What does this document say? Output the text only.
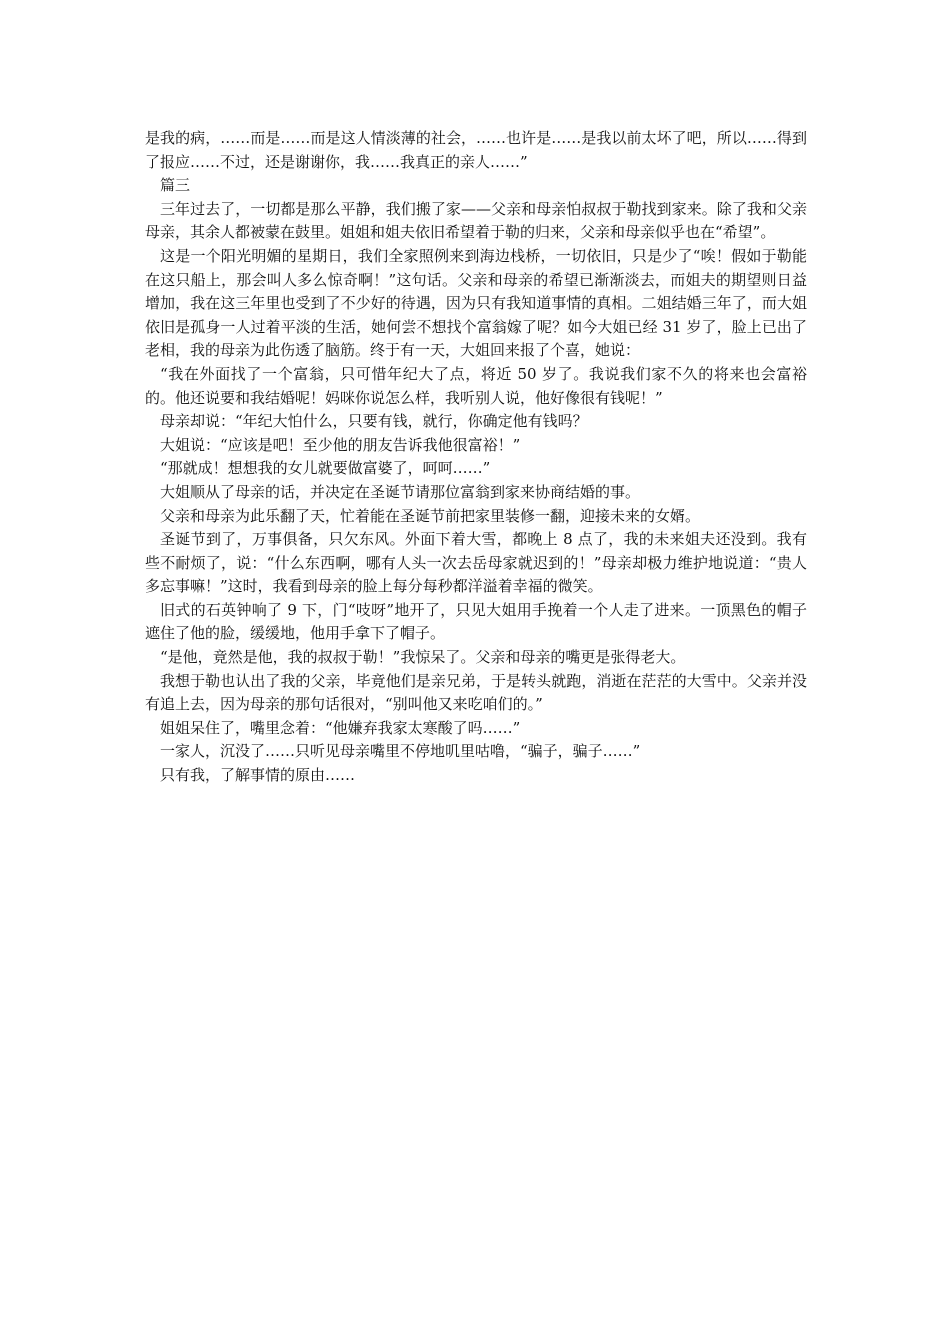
是我的病，……而是……而是这人情淡薄的社会，……也许是……是我以前太坏了吧，所以……得到了报应……不过，还是谢谢你，我……我真正的亲人……”

篇三

三年过去了，一切都是那么平静，我们搬了家——父亲和母亲怕叔叔于勒找到家来。除了我和父亲母亲，其余人都被蒙在鼓里。姐姐和姐夫依旧希望着于勒的归来，父亲和母亲似乎也在“希望”。

这是一个阳光明媚的星期日，我们全家照例来到海边栈桥，一切依旧，只是少了“唉！假如于勒能在这只船上，那会叫人多么惊奇啊！”这句话。父亲和母亲的希望已渐渐淡去，而姐夫的期望则日益增加，我在这三年里也受到了不少好的待遇，因为只有我知道事情的真相。二姐结婚三年了，而大姐依旧是孤身一人过着平淡的生活，她何尝不想找个富翁嫁了呢？如今大姐已经 31 岁了，脸上已出了老相，我的母亲为此伤透了脑筋。终于有一天，大姐回来报了个喜，她说：

“我在外面找了一个富翁，只可惜年纪大了点，将近 50 岁了。我说我们家不久的将来也会富裕的。他还说要和我结婚呢！妈咪你说怎么样，我听别人说，他好像很有钱呢！”

母亲却说：“年纪大怕什么，只要有钱，就行，你确定他有钱吗？

大姐说：“应该是吧！至少他的朋友告诉我他很富裕！”

“那就成！想想我的女儿就要做富婆了，呵呵……”

大姐顺从了母亲的话，并决定在圣诞节请那位富翁到家来协商结婚的事。

父亲和母亲为此乐翻了天，忙着能在圣诞节前把家里装修一翻，迎接未来的女婿。

圣诞节到了，万事俱备，只欠东风。外面下着大雪，都晚上 8 点了，我的未来姐夫还没到。我有些不耐烦了，说：“什么东西啊，哪有人头一次去岳母家就迟到的！”母亲却极力维护地说道：“贵人多忘事嘛！”这时，我看到母亲的脸上每分每秒都洋溢着幸福的微笑。

旧式的石英钟响了 9 下，门“吱呀”地开了，只见大姐用手挽着一个人走了进来。一顶黑色的帽子遮住了他的脸，缓缓地，他用手拿下了帽子。

“是他，竟然是他，我的叔叔于勒！”我惊呆了。父亲和母亲的嘴更是张得老大。

我想于勒也认出了我的父亲，毕竟他们是亲兄弟，于是转头就跑，消逝在茫茫的大雪中。父亲并没有追上去，因为母亲的那句话很对，“别叫他又来吃咱们的。”

姐姐呆住了，嘴里念着：“他嫌弃我家太寒酸了吗……”

一家人，沉没了……只听见母亲嘴里不停地叽里咕噜，“骗子，骗子……”

只有我，了解事情的原由……
